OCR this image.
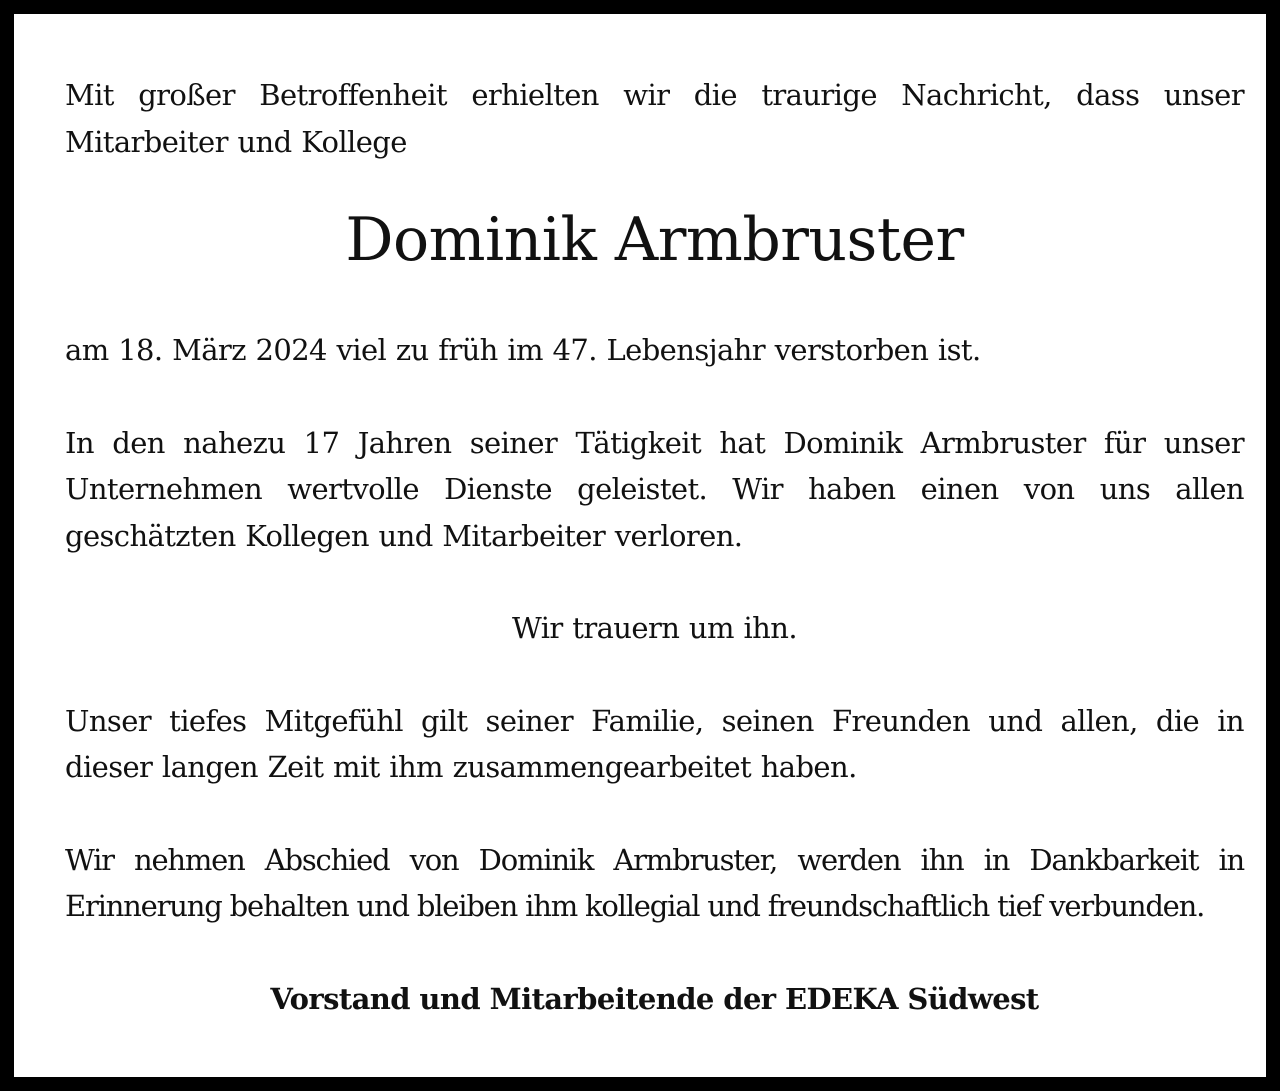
Mit großer Betroffenheit erhielten wir die traurige Nachricht, dass unser Mitarbeiter und Kollege

Dominik Armbruster

am 18. März 2024 viel zu früh im 47. Lebensjahr verstorben ist.

In den nahezu 17 Jahren seiner Tätigkeit hat Dominik Armbruster für unser Unternehmen wertvolle Dienste geleistet. Wir haben einen von uns allen geschätzten Kollegen und Mitarbeiter verloren.

Wir trauern um ihn.

Unser tiefes Mitgefühl gilt seiner Familie, seinen Freunden und allen, die in dieser langen Zeit mit ihm zusammengearbeitet haben.

Wir nehmen Abschied von Dominik Armbruster, werden ihn in Dankbarkeit in Erinnerung behalten und bleiben ihm kollegial und freundschaftlich tief verbunden.

Vorstand und Mitarbeitende der EDEKA Südwest
